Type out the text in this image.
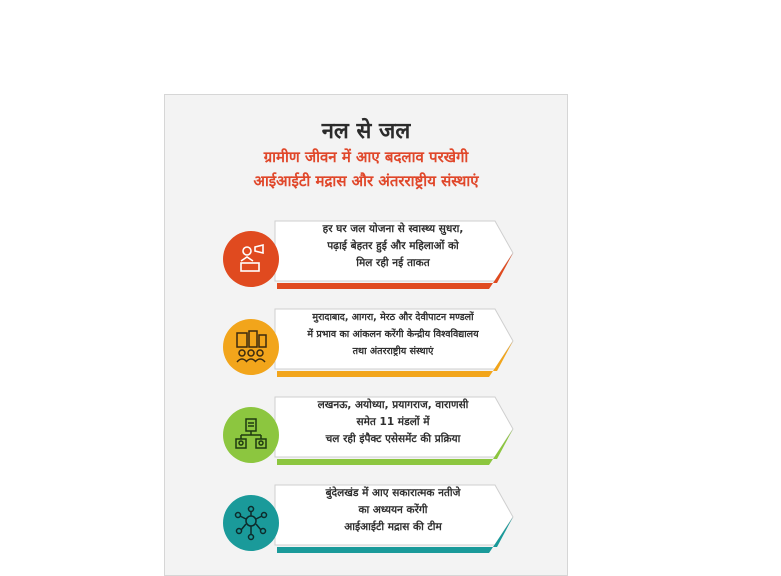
नल से जल
ग्रामीण जीवन में आए बदलाव परखेगी
आईआईटी मद्रास और अंतरराष्ट्रीय संस्थाएं
हर घर जल योजना से स्वास्थ्य सुधरा,
पढ़ाई बेहतर हुई और महिलाओं को
मिल रही नई ताकत
मुरादाबाद, आगरा, मेरठ और देवीपाटन मण्डलों
में प्रभाव का आंकलन करेंगी केन्द्रीय विश्वविद्यालय
तथा अंतरराष्ट्रीय संस्थाएं
लखनऊ, अयोध्या, प्रयागराज, वाराणसी
समेत 11 मंडलों में
चल रही इंपैक्ट एसेसमेंट की प्रक्रिया
बुंदेलखंड में आए सकारात्मक नतीजे
का अध्ययन करेंगी
आईआईटी मद्रास की टीम
